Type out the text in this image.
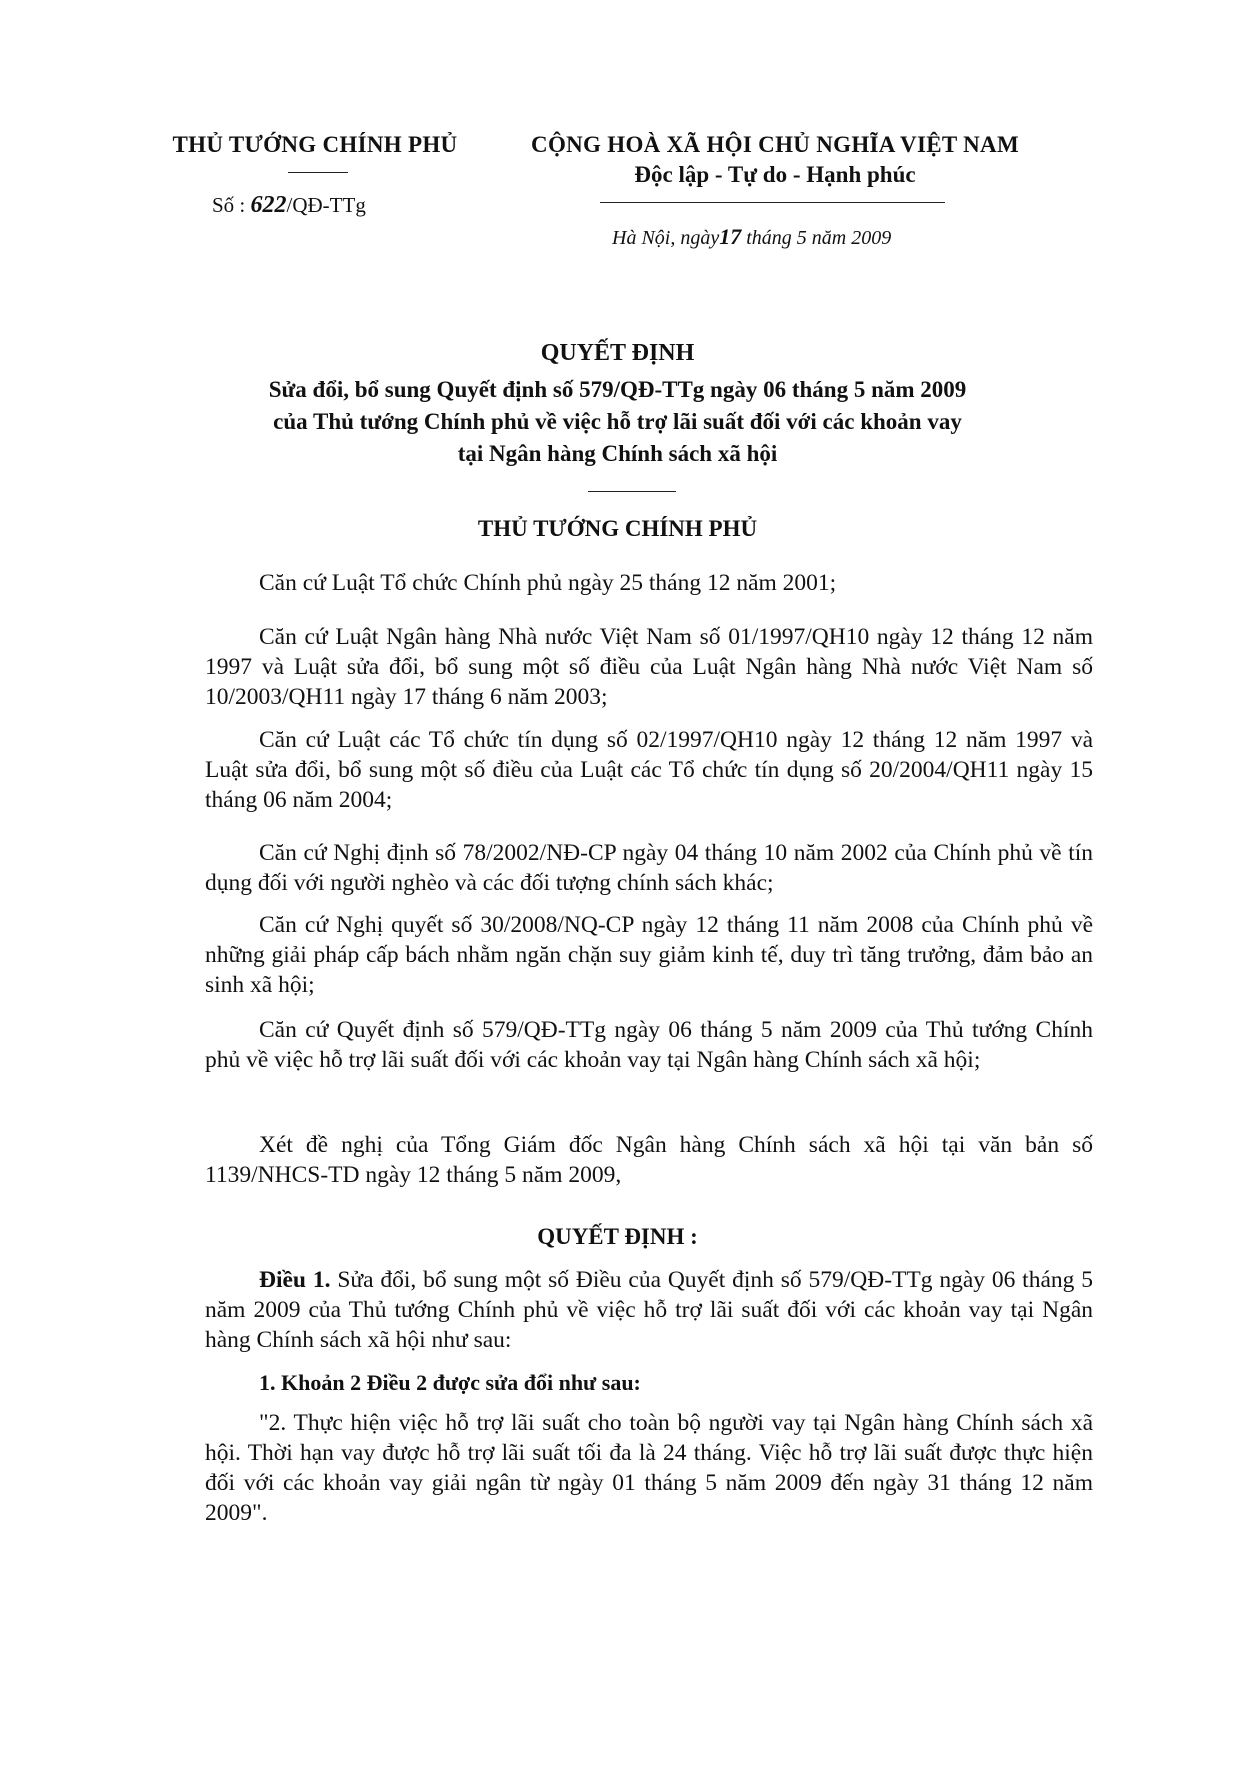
THỦ TƯỚNG CHÍNH PHỦ
Số : 622/QĐ-TTg
CỘNG HOÀ XÃ HỘI CHỦ NGHĨA VIỆT NAM
Độc lập - Tự do - Hạnh phúc
Hà Nội, ngày17 tháng 5 năm 2009
QUYẾT ĐỊNH
Sửa đổi, bổ sung Quyết định số 579/QĐ-TTg ngày 06 tháng 5 năm 2009
của Thủ tướng Chính phủ về việc hỗ trợ lãi suất đối với các khoản vay
tại Ngân hàng Chính sách xã hội
THỦ TƯỚNG CHÍNH PHỦ
Căn cứ Luật Tổ chức Chính phủ ngày 25 tháng 12 năm 2001;
Căn cứ Luật Ngân hàng Nhà nước Việt Nam số 01/1997/QH10 ngày 12 tháng 12 năm 1997 và Luật sửa đổi, bổ sung một số điều của Luật Ngân hàng Nhà nước Việt Nam số 10/2003/QH11 ngày 17 tháng 6 năm 2003;
Căn cứ Luật các Tổ chức tín dụng số 02/1997/QH10 ngày 12 tháng 12 năm 1997 và Luật sửa đổi, bổ sung một số điều của Luật các Tổ chức tín dụng số 20/2004/QH11 ngày 15 tháng 06 năm 2004;
Căn cứ Nghị định số 78/2002/NĐ-CP ngày 04 tháng 10 năm 2002 của Chính phủ về tín dụng đối với người nghèo và các đối tượng chính sách khác;
Căn cứ Nghị quyết số 30/2008/NQ-CP ngày 12 tháng 11 năm 2008 của Chính phủ về những giải pháp cấp bách nhằm ngăn chặn suy giảm kinh tế, duy trì tăng trưởng, đảm bảo an sinh xã hội;
Căn cứ Quyết định số 579/QĐ-TTg ngày 06 tháng 5 năm 2009 của Thủ tướng Chính phủ về việc hỗ trợ lãi suất đối với các khoản vay tại Ngân hàng Chính sách xã hội;
Xét đề nghị của Tổng Giám đốc Ngân hàng Chính sách xã hội tại văn bản số 1139/NHCS-TD ngày 12 tháng 5 năm 2009,
QUYẾT ĐỊNH :
Điều 1. Sửa đổi, bổ sung một số Điều của Quyết định số 579/QĐ-TTg ngày 06 tháng 5 năm 2009 của Thủ tướng Chính phủ về việc hỗ trợ lãi suất đối với các khoản vay tại Ngân hàng Chính sách xã hội như sau:
1. Khoản 2 Điều 2 được sửa đổi như sau:
"2. Thực hiện việc hỗ trợ lãi suất cho toàn bộ người vay tại Ngân hàng Chính sách xã hội. Thời hạn vay được hỗ trợ lãi suất tối đa là 24 tháng. Việc hỗ trợ lãi suất được thực hiện đối với các khoản vay giải ngân từ ngày 01 tháng 5 năm 2009 đến ngày 31 tháng 12 năm 2009".
